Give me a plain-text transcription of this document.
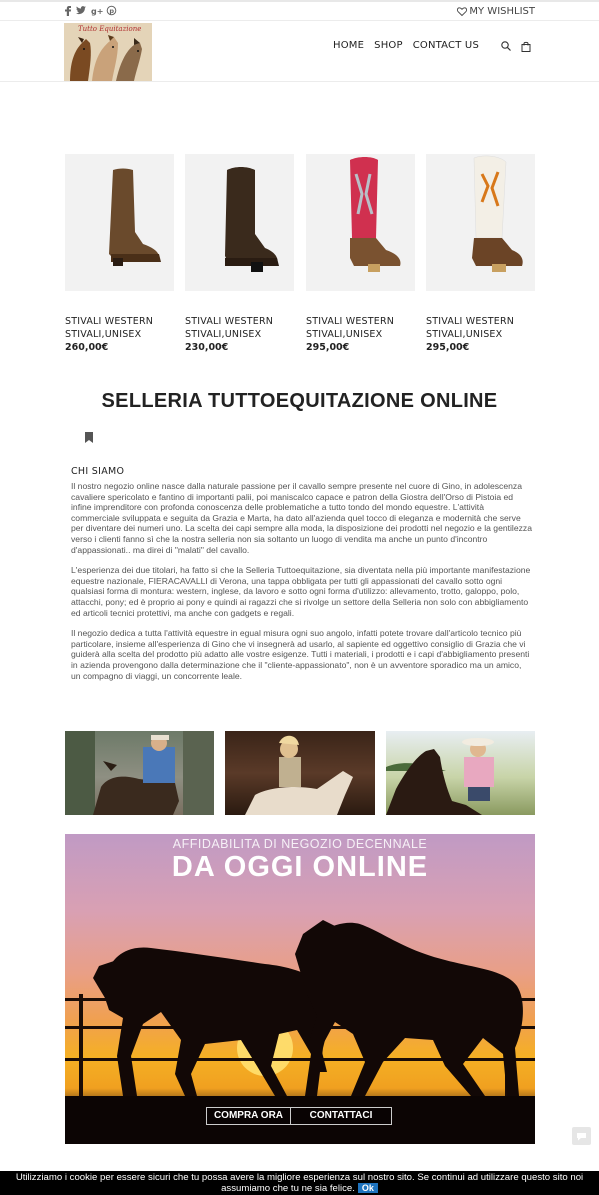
g+ p	MY WISHLIST
Tutto Equitazione
HOME SHOP CONTACT US
STIVALI WESTERN
STIVALI,UNISEX
260,00€
STIVALI WESTERN
STIVALI,UNISEX
230,00€
STIVALI WESTERN
STIVALI,UNISEX
295,00€
STIVALI WESTERN
STIVALI,UNISEX
295,00€
SELLERIA TUTTOEQUITAZIONE ONLINE
CHI SIAMO

Il nostro negozio online nasce dalla naturale passione per il cavallo sempre presente nel cuore di Gino, in adolescenza cavaliere spericolato e fantino di importanti palii, poi maniscalco capace e patron della Giostra dell'Orso di Pistoia ed infine imprenditore con profonda conoscenza delle problematiche a tutto tondo del mondo equestre. L'attività commerciale sviluppata e seguita da Grazia e Marta, ha dato all'azienda quel tocco di eleganza e modernità che serve per diventare dei numeri uno. La scelta dei capi sempre alla moda, la disposizione dei prodotti nel negozio e la gentilezza verso i clienti fanno sì che la nostra selleria non sia soltanto un luogo di vendita ma anche un punto d'incontro d'appassionati.. ma direi di "malati" del cavallo.

L'esperienza dei due titolari, ha fatto sì che la Selleria Tuttoequitazione, sia diventata nella più importante manifestazione equestre nazionale, FIERACAVALLI di Verona, una tappa obbligata per tutti gli appassionati del cavallo sotto ogni qualsiasi forma di montura: western, inglese, da lavoro e sotto ogni forma d'utilizzo: allevamento, trotto, galoppo, polo, attacchi, pony; ed è proprio ai pony e quindi ai ragazzi che si rivolge un settore della Selleria non solo con abbigliamento ed articoli tecnici protettivi, ma anche con gadgets e regali.

Il negozio dedica a tutta l'attività equestre in egual misura ogni suo angolo, infatti potete trovare dall'articolo tecnico più particolare, insieme all'esperienza di Gino che vi insegnerà ad usarlo, al sapiente ed oggettivo consiglio di Grazia che vi guiderà alla scelta del prodotto più adatto alle vostre esigenze. Tutti i materiali, i prodotti e i capi d'abbigliamento presenti in azienda provengono dalla determinazione che il "cliente-appassionato", non è un avventore sporadico ma un amico, un compagno di viaggi, un concorrente leale.

AFFIDABILITA DI NEGOZIO DECENNALE
DA OGGI ONLINE
COMPRA ORA	CONTATTACI
Utilizziamo i cookie per essere sicuri che tu possa avere la migliore esperienza sul nostro sito. Se continui ad utilizzare questo sito noi assumiamo che tu ne sia felice. Ok
